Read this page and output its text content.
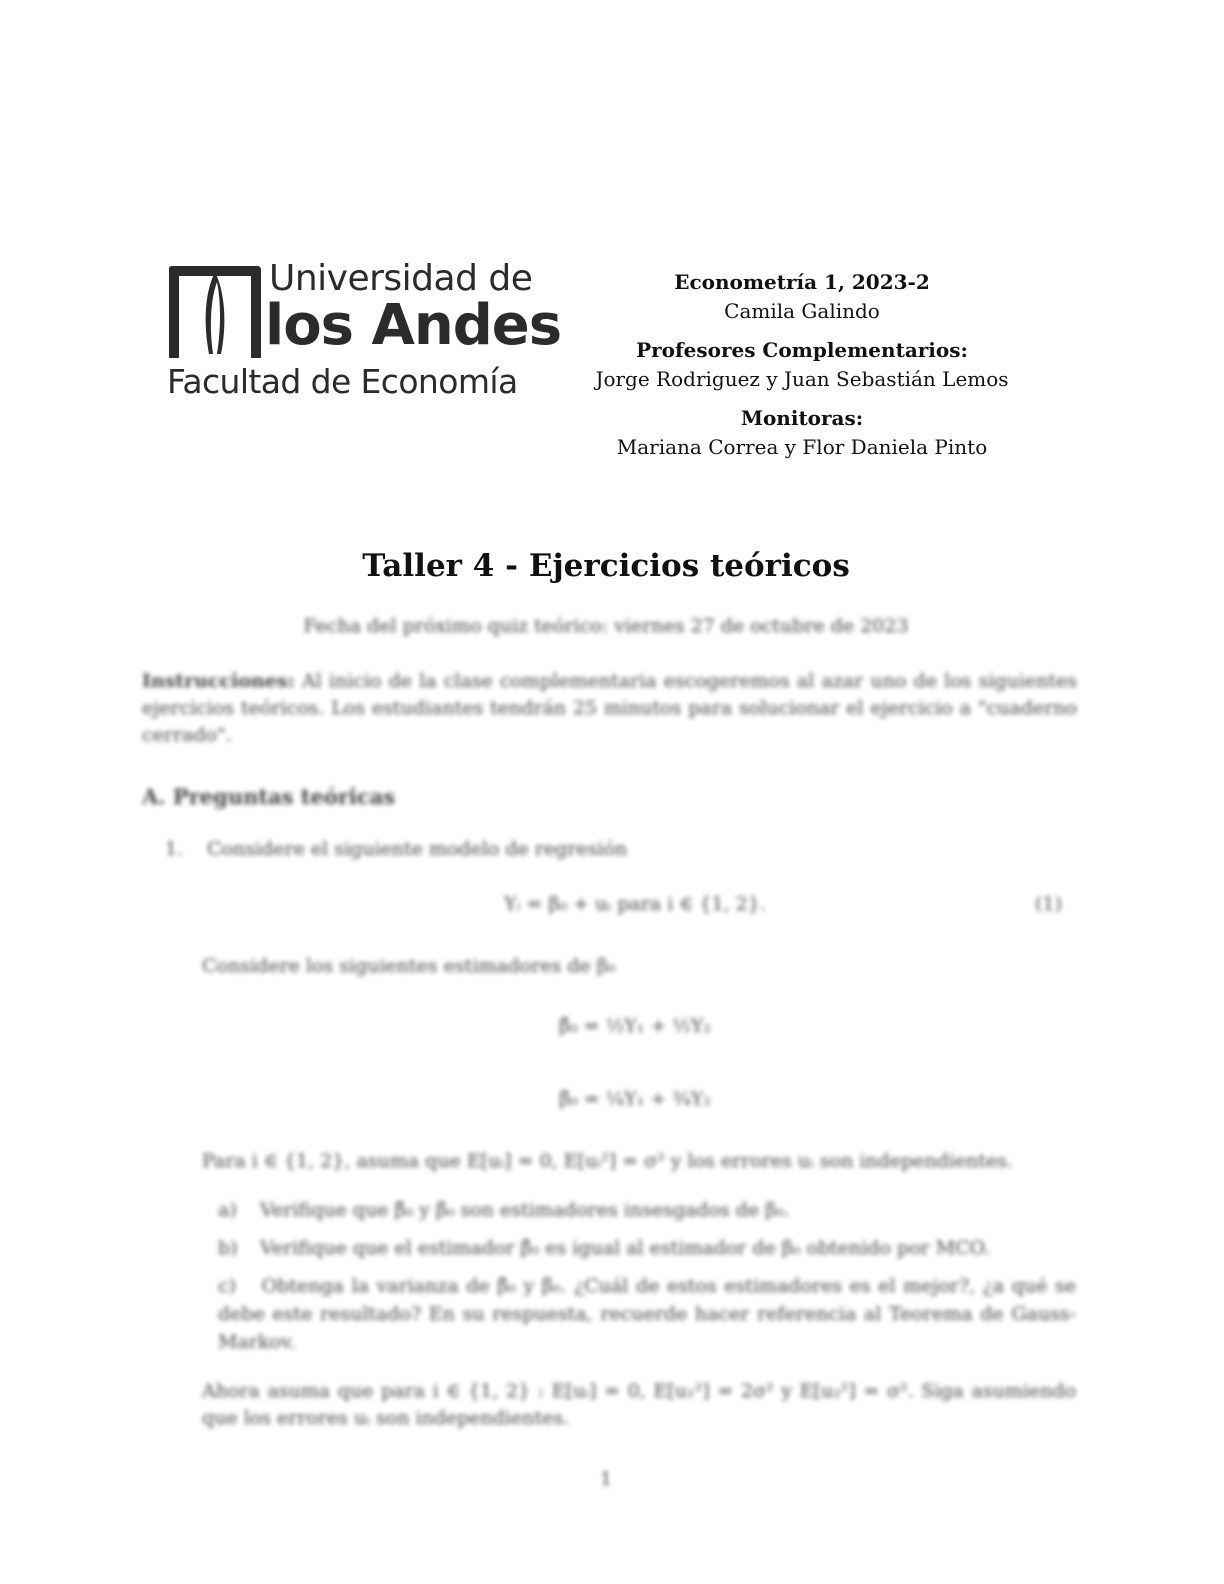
Universidad de
los Andes
Facultad de Economía
Econometría 1, 2023-2
Camila Galindo
Profesores Complementarios:
Jorge Rodriguez y Juan Sebastián Lemos
Monitoras:
Mariana Correa y Flor Daniela Pinto
Taller 4 - Ejercicios teóricos
Fecha del próximo quiz teórico: viernes 27 de octubre de 2023
Instrucciones: Al inicio de la clase complementaria escogeremos al azar uno de los siguientes ejercicios teóricos. Los estudiantes tendrán 25 minutos para solucionar el ejercicio a "cuaderno cerrado".
A. Preguntas teóricas
1. Considere el siguiente modelo de regresión
Yᵢ = β₀ + uᵢ para i ∈ {1, 2}.	(1)
Considere los siguientes estimadores de β₀
β̂₀ = ½Y₁ + ½Y₂
β̃₀ = ¼Y₁ + ¾Y₂
Para i ∈ {1, 2}, asuma que E[uᵢ] = 0, E[uᵢ²] = σ² y los errores uᵢ son independientes.
a) Verifique que β̂₀ y β̃₀ son estimadores insesgados de β₀.
b) Verifique que el estimador β̂₀ es igual al estimador de β₀ obtenido por MCO.
c) Obtenga la varianza de β̂₀ y β̃₀. ¿Cuál de estos estimadores es el mejor?, ¿a qué se debe este resultado? En su respuesta, recuerde hacer referencia al Teorema de Gauss-Markov.
Ahora asuma que para i ∈ {1, 2} : E[uᵢ] = 0, E[u₁²] = 2σ² y E[u₂²] = σ². Siga asumiendo que los errores uᵢ son independientes.
1
